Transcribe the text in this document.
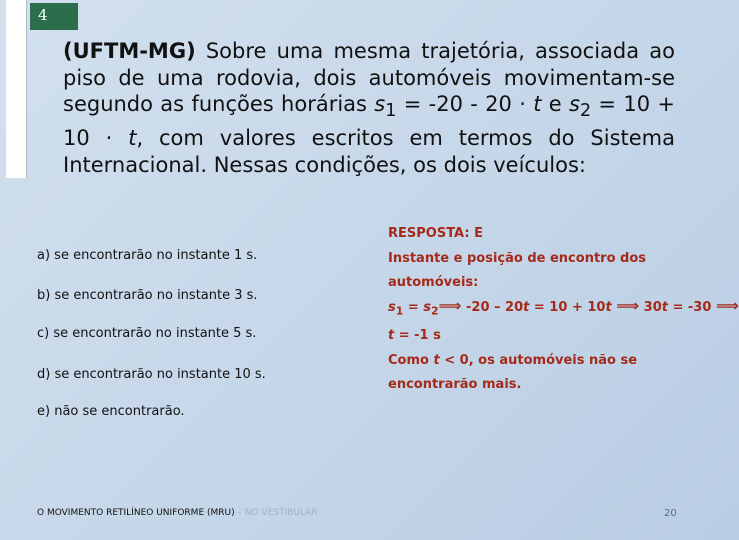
4
(UFTM-MG) Sobre uma mesma trajetória, associada ao piso de uma rodovia, dois automóveis movimentam-se segundo as funções horárias $s_1 = -20 - 20 \cdot t$ e $s_2 = 10 + 10 \cdot t$, com valores escritos em termos do Sistema Internacional. Nessas condições, os dois veículos:
a) se encontrarão no instante 1 s.
b) se encontrarão no instante 3 s.
c) se encontrarão no instante 5 s.
d) se encontrarão no instante 10 s.
e) não se encontrarão.
RESPOSTA: E
Instante e posição de encontro dos
automóveis:
$s_1$ = $s_2⟹$ -20 – 20t = 10 + 10t ⟹ 30t = -30 ⟹
t = -1 s
Como t < 0, os automóveis não se
encontrarão mais.
O MOVIMENTO RETILÍNEO UNIFORME (MRU) – NO VESTIBULAR	20
